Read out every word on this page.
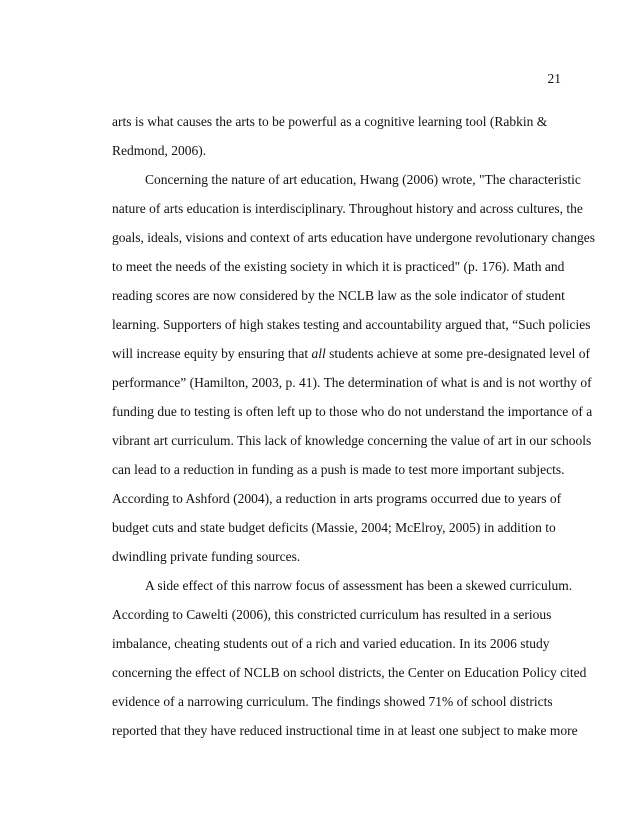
21
arts is what causes the arts to be powerful as a cognitive learning tool (Rabkin &
Redmond, 2006).
Concerning the nature of art education, Hwang (2006) wrote, "The characteristic
nature of arts education is interdisciplinary. Throughout history and across cultures, the
goals, ideals, visions and context of arts education have undergone revolutionary changes
to meet the needs of the existing society in which it is practiced" (p. 176). Math and
reading scores are now considered by the NCLB law as the sole indicator of student
learning. Supporters of high stakes testing and accountability argued that, “Such policies
will increase equity by ensuring that all students achieve at some pre-designated level of
performance” (Hamilton, 2003, p. 41). The determination of what is and is not worthy of
funding due to testing is often left up to those who do not understand the importance of a
vibrant art curriculum. This lack of knowledge concerning the value of art in our schools
can lead to a reduction in funding as a push is made to test more important subjects.
According to Ashford (2004), a reduction in arts programs occurred due to years of
budget cuts and state budget deficits (Massie, 2004; McElroy, 2005) in addition to
dwindling private funding sources.
A side effect of this narrow focus of assessment has been a skewed curriculum.
According to Cawelti (2006), this constricted curriculum has resulted in a serious
imbalance, cheating students out of a rich and varied education. In its 2006 study
concerning the effect of NCLB on school districts, the Center on Education Policy cited
evidence of a narrowing curriculum. The findings showed 71% of school districts
reported that they have reduced instructional time in at least one subject to make more
